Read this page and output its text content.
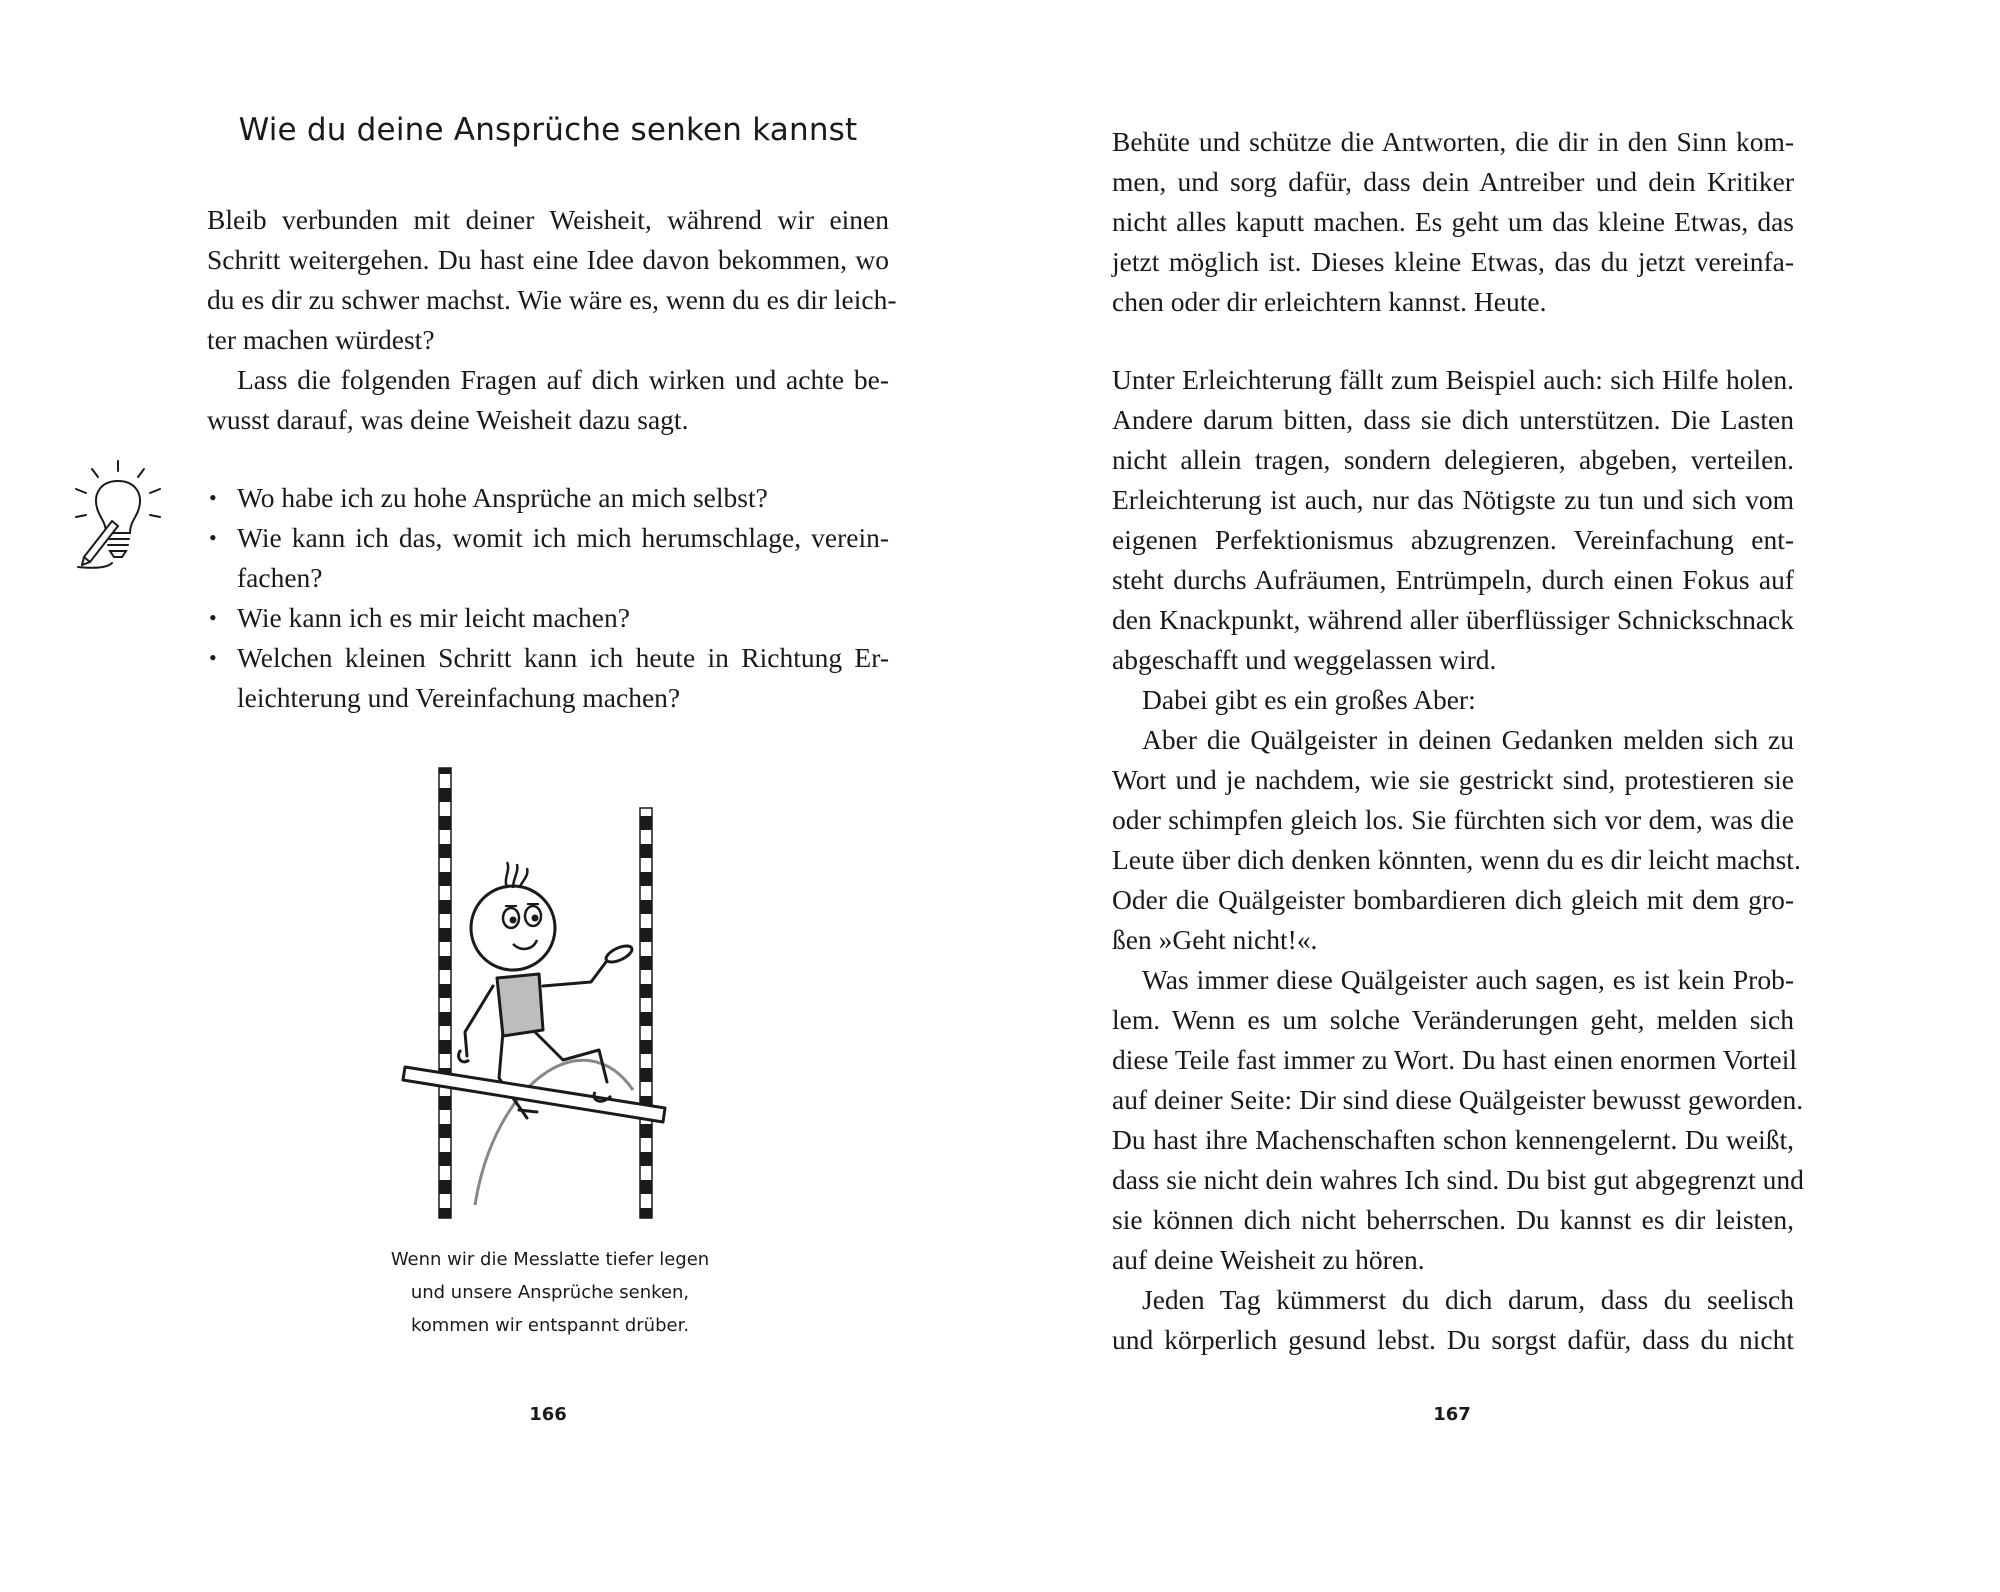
Wie du deine Ansprüche senken kannst
Bleib verbunden mit deiner Weisheit, während wir einen
Schritt weitergehen. Du hast eine Idee davon bekommen, wo
du es dir zu schwer machst. Wie wäre es, wenn du es dir leich-
ter machen würdest?
Lass die folgenden Fragen auf dich wirken und achte be-
wusst darauf, was deine Weisheit dazu sagt.
• Wo habe ich zu hohe Ansprüche an mich selbst?
• Wie kann ich das, womit ich mich herumschlage, verein-
fachen?
• Wie kann ich es mir leicht machen?
• Welchen kleinen Schritt kann ich heute in Richtung Er-
leichterung und Vereinfachung machen?
Wenn wir die Messlatte tiefer legen
und unsere Ansprüche senken,
kommen wir entspannt drüber.
166
Behüte und schütze die Antworten, die dir in den Sinn kom-
men, und sorg dafür, dass dein Antreiber und dein Kritiker
nicht alles kaputt machen. Es geht um das kleine Etwas, das
jetzt möglich ist. Dieses kleine Etwas, das du jetzt vereinfa-
chen oder dir erleichtern kannst. Heute.
Unter Erleichterung fällt zum Beispiel auch: sich Hilfe holen.
Andere darum bitten, dass sie dich unterstützen. Die Lasten
nicht allein tragen, sondern delegieren, abgeben, verteilen.
Erleichterung ist auch, nur das Nötigste zu tun und sich vom
eigenen Perfektionismus abzugrenzen. Vereinfachung ent-
steht durchs Aufräumen, Entrümpeln, durch einen Fokus auf
den Knackpunkt, während aller überflüssiger Schnickschnack
abgeschafft und weggelassen wird.
Dabei gibt es ein großes Aber:
Aber die Quälgeister in deinen Gedanken melden sich zu
Wort und je nachdem, wie sie gestrickt sind, protestieren sie
oder schimpfen gleich los. Sie fürchten sich vor dem, was die
Leute über dich denken könnten, wenn du es dir leicht machst.
Oder die Quälgeister bombardieren dich gleich mit dem gro-
ßen »Geht nicht!«.
Was immer diese Quälgeister auch sagen, es ist kein Prob-
lem. Wenn es um solche Veränderungen geht, melden sich
diese Teile fast immer zu Wort. Du hast einen enormen Vorteil
auf deiner Seite: Dir sind diese Quälgeister bewusst geworden.
Du hast ihre Machenschaften schon kennengelernt. Du weißt,
dass sie nicht dein wahres Ich sind. Du bist gut abgegrenzt und
sie können dich nicht beherrschen. Du kannst es dir leisten,
auf deine Weisheit zu hören.
Jeden Tag kümmerst du dich darum, dass du seelisch
und körperlich gesund lebst. Du sorgst dafür, dass du nicht
167
